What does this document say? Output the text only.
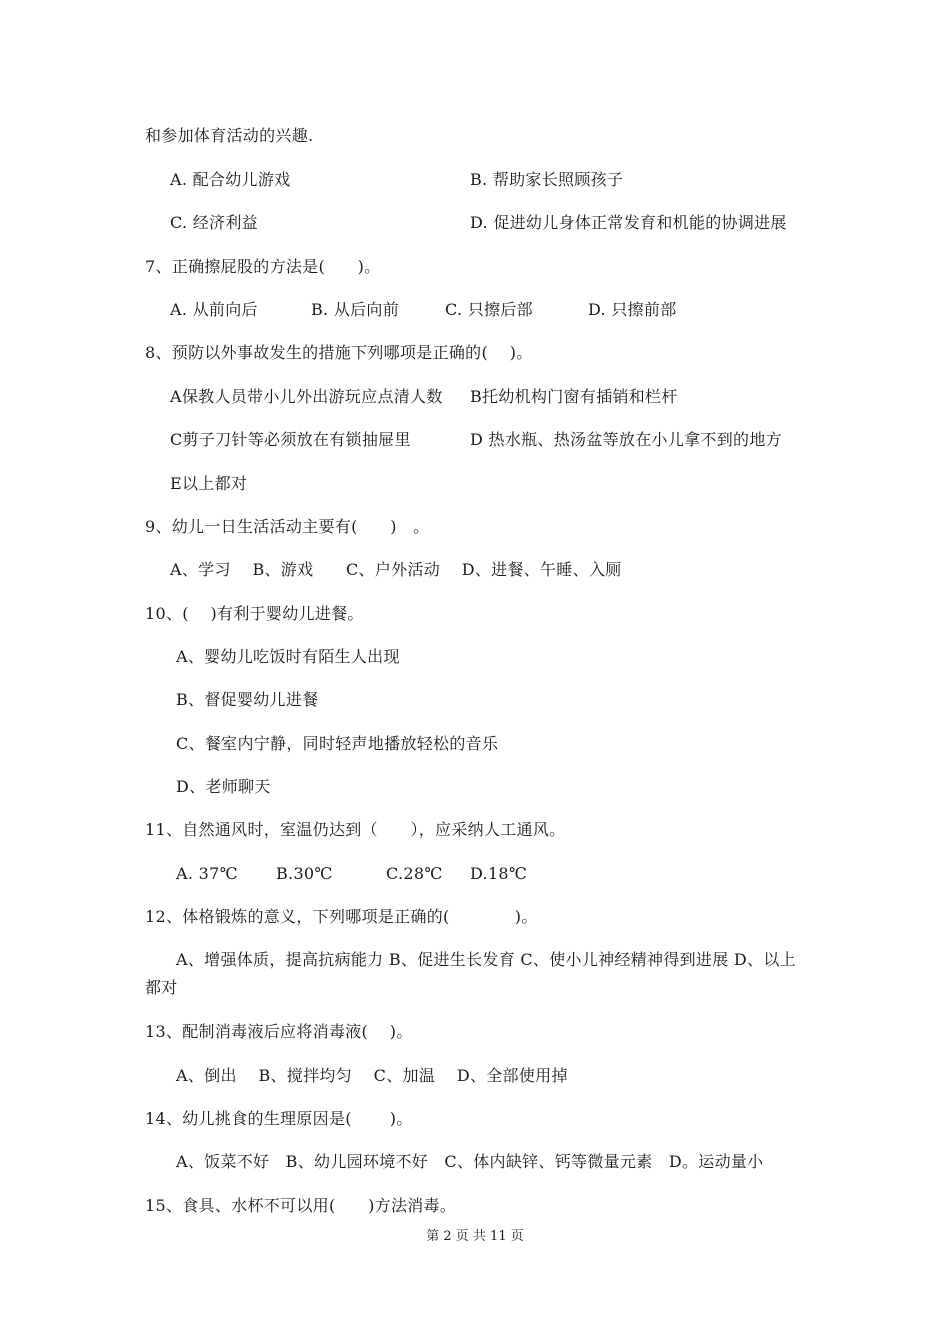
和参加体育活动的兴趣.
A. 配合幼儿游戏	B. 帮助家长照顾孩子
C. 经济利益	D. 促进幼儿身体正常发育和机能的协调进展
7、正确擦屁股的方法是(　　)。
A. 从前向后	B. 从后向前	C. 只擦后部	D. 只擦前部
8、预防以外事故发生的措施下列哪项是正确的(　 )。
A保教人员带小儿外出游玩应点清人数 B托幼机构门窗有插销和栏杆
C剪子刀针等必须放在有锁抽屉里	D 热水瓶、热汤盆等放在小儿拿不到的地方
E以上都对
9、幼儿一日生活活动主要有(　　)　。
A、学习　 B、游戏　　C、户外活动　 D、进餐、午睡、入厕
10、(　 )有利于婴幼儿进餐。
A、婴幼儿吃饭时有陌生人出现
B、督促婴幼儿进餐
C、餐室内宁静，同时轻声地播放轻松的音乐
D、老师聊天
11、自然通风时，室温仍达到（　　），应采纳人工通风。
A. 37℃ B.30℃	C.28℃ D.18℃
12、体格锻炼的意义，下列哪项是正确的(　　　　)。
A、增强体质，提高抗病能力 B、促进生长发育 C、使小儿神经精神得到进展 D、以上
都对
13、配制消毒液后应将消毒液(　 )。
A、倒出　 B、搅拌均匀　 C、加温　 D、全部使用掉
14、幼儿挑食的生理原因是(　　 )。
A、饭菜不好　B、幼儿园环境不好　C、体内缺锌、钙等微量元素　D。运动量小
15、食具、水杯不可以用(　　)方法消毒。
第 2 页 共 11 页
